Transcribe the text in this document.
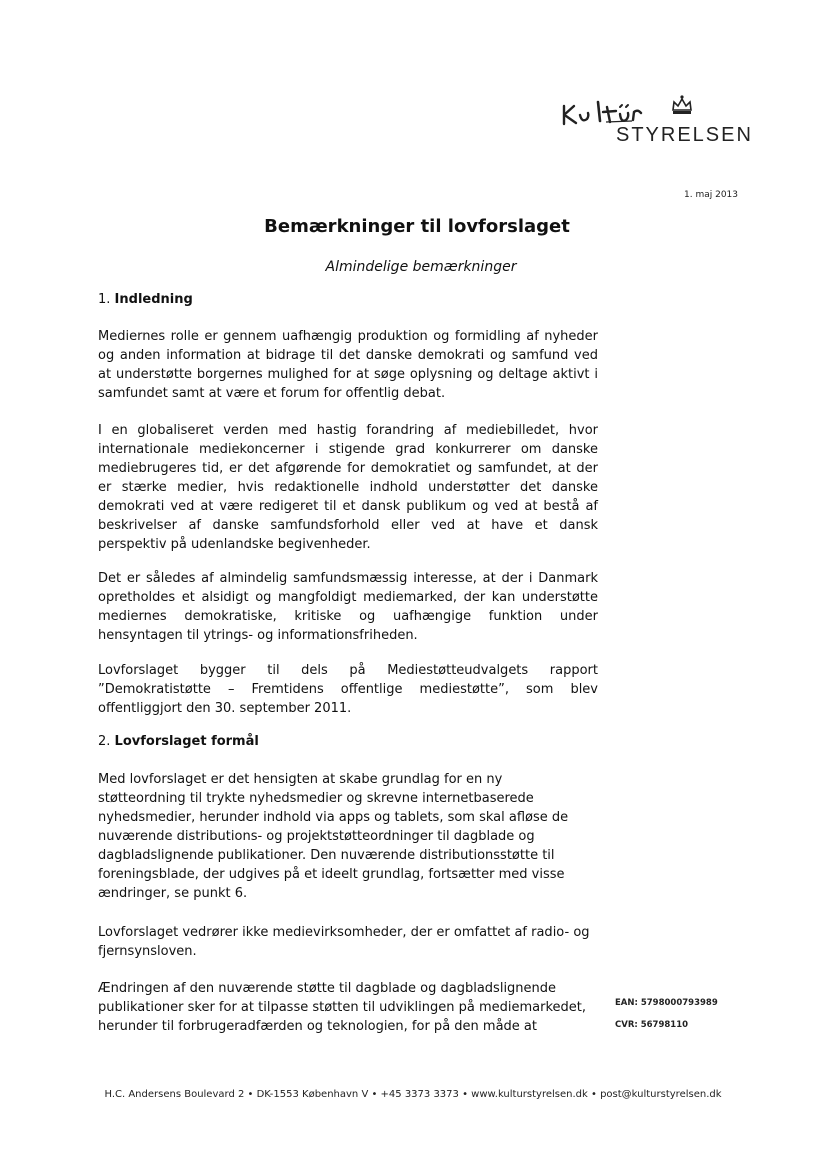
STYRELSEN
1. maj 2013
Bemærkninger til lovforslaget
Almindelige bemærkninger
1. Indledning

Mediernes rolle er gennem uafhængig produktion og formidling af nyheder
og anden information at bidrage til det danske demokrati og samfund ved
at understøtte borgernes mulighed for at søge oplysning og deltage aktivt i
samfundet samt at være et forum for offentlig debat.

I en globaliseret verden med hastig forandring af mediebilledet, hvor
internationale mediekoncerner i stigende grad konkurrerer om danske
mediebrugeres tid, er det afgørende for demokratiet og samfundet, at der
er stærke medier, hvis redaktionelle indhold understøtter det danske
demokrati ved at være redigeret til et dansk publikum og ved at bestå af
beskrivelser af danske samfundsforhold eller ved at have et dansk
perspektiv på udenlandske begivenheder.

Det er således af almindelig samfundsmæssig interesse, at der i Danmark
opretholdes et alsidigt og mangfoldigt mediemarked, der kan understøtte
mediernes demokratiske, kritiske og uafhængige funktion under
hensyntagen til ytrings- og informationsfriheden.

Lovforslaget bygger til dels på Mediestøtteudvalgets rapport
”Demokratistøtte – Fremtidens offentlige mediestøtte”, som blev
offentliggjort den 30. september 2011.

2. Lovforslaget formål

Med lovforslaget er det hensigten at skabe grundlag for en ny
støtteordning til trykte nyhedsmedier og skrevne internetbaserede
nyhedsmedier, herunder indhold via apps og tablets, som skal afløse de
nuværende distributions- og projektstøtteordninger til dagblade og
dagbladslignende publikationer. Den nuværende distributionsstøtte til
foreningsblade, der udgives på et ideelt grundlag, fortsætter med visse
ændringer, se punkt 6.

Lovforslaget vedrører ikke medievirksomheder, der er omfattet af radio- og
fjernsynsloven.

Ændringen af den nuværende støtte til dagblade og dagbladslignende
publikationer sker for at tilpasse støtten til udviklingen på mediemarkedet,
herunder til forbrugeradfærden og teknologien, for på den måde at

EAN: 5798000793989
CVR: 56798110
H.C. Andersens Boulevard 2 • DK-1553 København V • +45 3373 3373 • www.kulturstyrelsen.dk • post@kulturstyrelsen.dk
